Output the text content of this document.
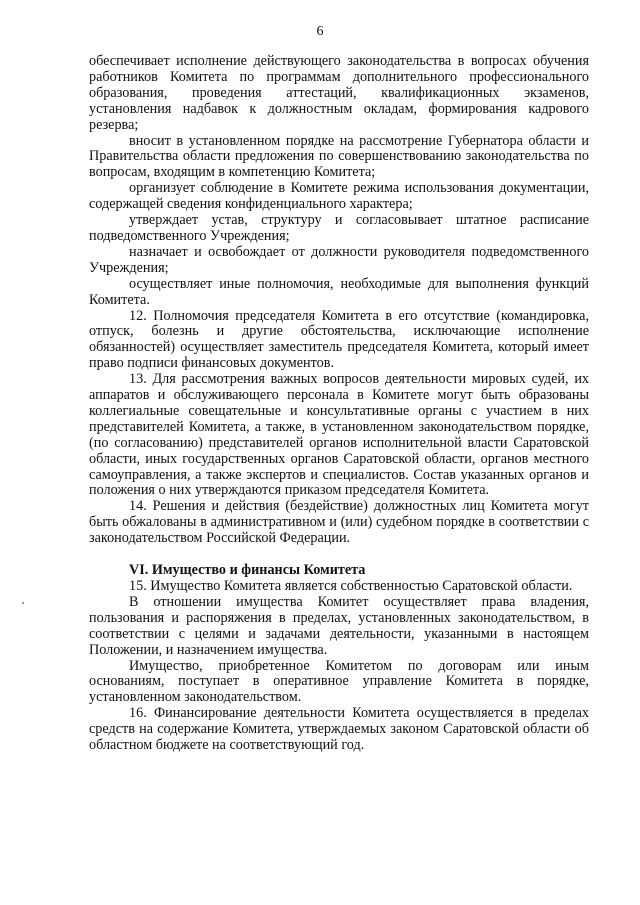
6

обеспечивает исполнение действующего законодательства в вопросах обучения работников Комитета по программам дополнительного профессионального образования, проведения аттестаций, квалификационных экзаменов, установления надбавок к должностным окладам, формирования кадрового резерва;

вносит в установленном порядке на рассмотрение Губернатора области и Правительства области предложения по совершенствованию законодательства по вопросам, входящим в компетенцию Комитета;

организует соблюдение в Комитете режима использования документации, содержащей сведения конфиденциального характера;

утверждает устав, структуру и согласовывает штатное расписание подведомственного Учреждения;

назначает и освобождает от должности руководителя подведомственного Учреждения;

осуществляет иные полномочия, необходимые для выполнения функций Комитета.

12. Полномочия председателя Комитета в его отсутствие (командировка, отпуск, болезнь и другие обстоятельства, исключающие исполнение обязанностей) осуществляет заместитель председателя Комитета, который имеет право подписи финансовых документов.

13. Для рассмотрения важных вопросов деятельности мировых судей, их аппаратов и обслуживающего персонала в Комитете могут быть образованы коллегиальные совещательные и консультативные органы с участием в них представителей Комитета, а также, в установленном законодательством порядке, (по согласованию) представителей органов исполнительной власти Саратовской области, иных государственных органов Саратовской области, органов местного самоуправления, а также экспертов и специалистов. Состав указанных органов и положения о них утверждаются приказом председателя Комитета.

14. Решения и действия (бездействие) должностных лиц Комитета могут быть обжалованы в административном и (или) судебном порядке в соответствии с законодательством Российской Федерации.

VI. Имущество и финансы Комитета

15. Имущество Комитета является собственностью Саратовской области.

В отношении имущества Комитет осуществляет права владения, пользования и распоряжения в пределах, установленных законодательством, в соответствии с целями и задачами деятельности, указанными в настоящем Положении, и назначением имущества.

Имущество, приобретенное Комитетом по договорам или иным основаниям, поступает в оперативное управление Комитета в порядке, установленном законодательством.

16. Финансирование деятельности Комитета осуществляется в пределах средств на содержание Комитета, утверждаемых законом Саратовской области об областном бюджете на соответствующий год.
